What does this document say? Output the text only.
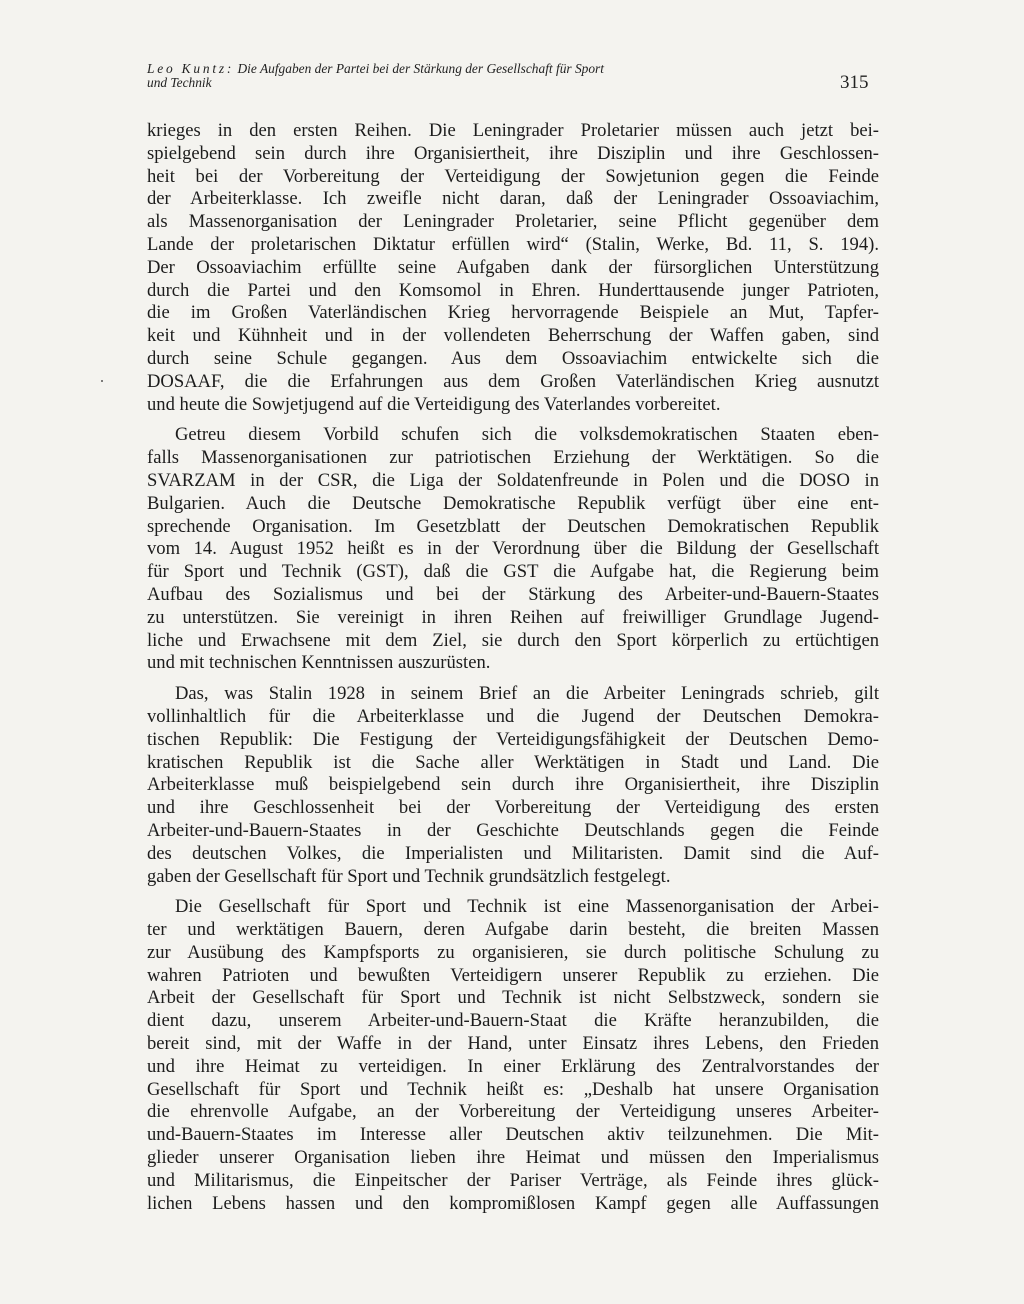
Leo Kuntz: Die Aufgaben der Partei bei der Stärkung der Gesellschaft für Sport
und Technik	315

krieges in den ersten Reihen. Die Leningrader Proletarier müssen auch jetzt bei-
spielgebend sein durch ihre Organisiertheit, ihre Disziplin und ihre Geschlossen-
heit bei der Vorbereitung der Verteidigung der Sowjetunion gegen die Feinde
der Arbeiterklasse. Ich zweifle nicht daran, daß der Leningrader Ossoaviachim,
als Massenorganisation der Leningrader Proletarier, seine Pflicht gegenüber dem
Lande der proletarischen Diktatur erfüllen wird“ (Stalin, Werke, Bd. 11, S. 194).
Der Ossoaviachim erfüllte seine Aufgaben dank der fürsorglichen Unterstützung
durch die Partei und den Komsomol in Ehren. Hunderttausende junger Patrioten,
die im Großen Vaterländischen Krieg hervorragende Beispiele an Mut, Tapfer-
keit und Kühnheit und in der vollendeten Beherrschung der Waffen gaben, sind
durch seine Schule gegangen. Aus dem Ossoaviachim entwickelte sich die
DOSAAF, die die Erfahrungen aus dem Großen Vaterländischen Krieg ausnutzt
und heute die Sowjetjugend auf die Verteidigung des Vaterlandes vorbereitet.

Getreu diesem Vorbild schufen sich die volksdemokratischen Staaten eben-
falls Massenorganisationen zur patriotischen Erziehung der Werktätigen. So die
SVARZAM in der CSR, die Liga der Soldatenfreunde in Polen und die DOSO in
Bulgarien. Auch die Deutsche Demokratische Republik verfügt über eine ent-
sprechende Organisation. Im Gesetzblatt der Deutschen Demokratischen Republik
vom 14. August 1952 heißt es in der Verordnung über die Bildung der Gesellschaft
für Sport und Technik (GST), daß die GST die Aufgabe hat, die Regierung beim
Aufbau des Sozialismus und bei der Stärkung des Arbeiter-und-Bauern-Staates
zu unterstützen. Sie vereinigt in ihren Reihen auf freiwilliger Grundlage Jugend-
liche und Erwachsene mit dem Ziel, sie durch den Sport körperlich zu ertüchtigen
und mit technischen Kenntnissen auszurüsten.

Das, was Stalin 1928 in seinem Brief an die Arbeiter Leningrads schrieb, gilt
vollinhaltlich für die Arbeiterklasse und die Jugend der Deutschen Demokra-
tischen Republik: Die Festigung der Verteidigungsfähigkeit der Deutschen Demo-
kratischen Republik ist die Sache aller Werktätigen in Stadt und Land. Die
Arbeiterklasse muß beispielgebend sein durch ihre Organisiertheit, ihre Disziplin
und ihre Geschlossenheit bei der Vorbereitung der Verteidigung des ersten
Arbeiter-und-Bauern-Staates in der Geschichte Deutschlands gegen die Feinde
des deutschen Volkes, die Imperialisten und Militaristen. Damit sind die Auf-
gaben der Gesellschaft für Sport und Technik grundsätzlich festgelegt.

Die Gesellschaft für Sport und Technik ist eine Massenorganisation der Arbei-
ter und werktätigen Bauern, deren Aufgabe darin besteht, die breiten Massen
zur Ausübung des Kampfsports zu organisieren, sie durch politische Schulung zu
wahren Patrioten und bewußten Verteidigern unserer Republik zu erziehen. Die
Arbeit der Gesellschaft für Sport und Technik ist nicht Selbstzweck, sondern sie
dient dazu, unserem Arbeiter-und-Bauern-Staat die Kräfte heranzubilden, die
bereit sind, mit der Waffe in der Hand, unter Einsatz ihres Lebens, den Frieden
und ihre Heimat zu verteidigen. In einer Erklärung des Zentralvorstandes der
Gesellschaft für Sport und Technik heißt es: „Deshalb hat unsere Organisation
die ehrenvolle Aufgabe, an der Vorbereitung der Verteidigung unseres Arbeiter-
und-Bauern-Staates im Interesse aller Deutschen aktiv teilzunehmen. Die Mit-
glieder unserer Organisation lieben ihre Heimat und müssen den Imperialismus
und Militarismus, die Einpeitscher der Pariser Verträge, als Feinde ihres glück-
lichen Lebens hassen und den kompromißlosen Kampf gegen alle Auffassungen
